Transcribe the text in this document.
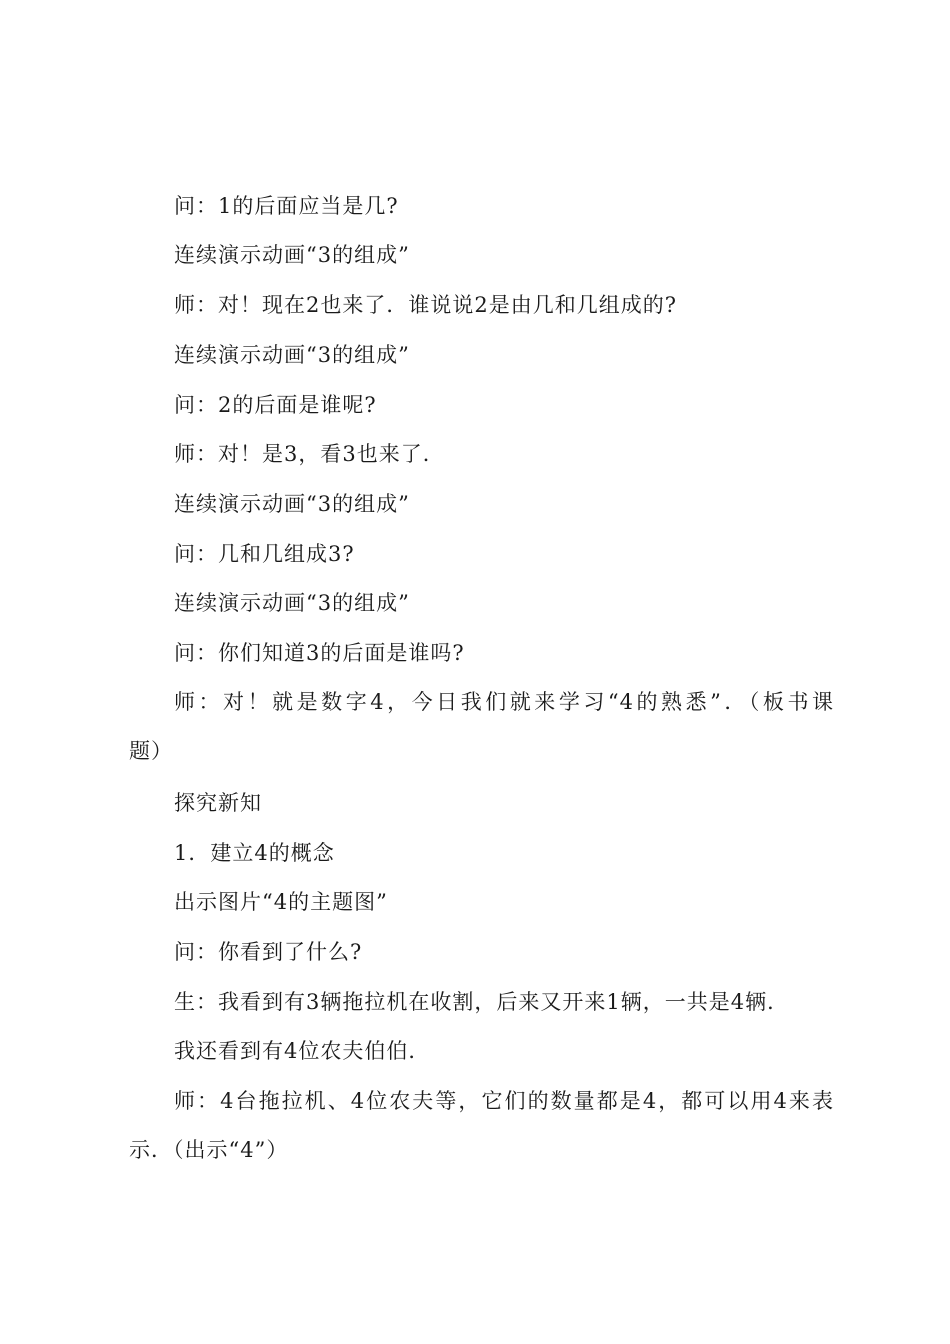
问：1的后面应当是几?
连续演示动画“3的组成”
师：对！现在2也来了．谁说说2是由几和几组成的?
连续演示动画“3的组成”
问：2的后面是谁呢?
师：对！是3，看3也来了．
连续演示动画“3的组成”
问：几和几组成3?
连续演示动画“3的组成”
问：你们知道3的后面是谁吗?
师：对！就是数字4，今日我们就来学习“4的熟悉”．（板书课
题）
探究新知
1．建立4的概念
出示图片“4的主题图”
问：你看到了什么?
生：我看到有3辆拖拉机在收割，后来又开来1辆，一共是4辆．
我还看到有4位农夫伯伯．
师：4台拖拉机、4位农夫等，它们的数量都是4，都可以用4来表
示．（出示“4”）
